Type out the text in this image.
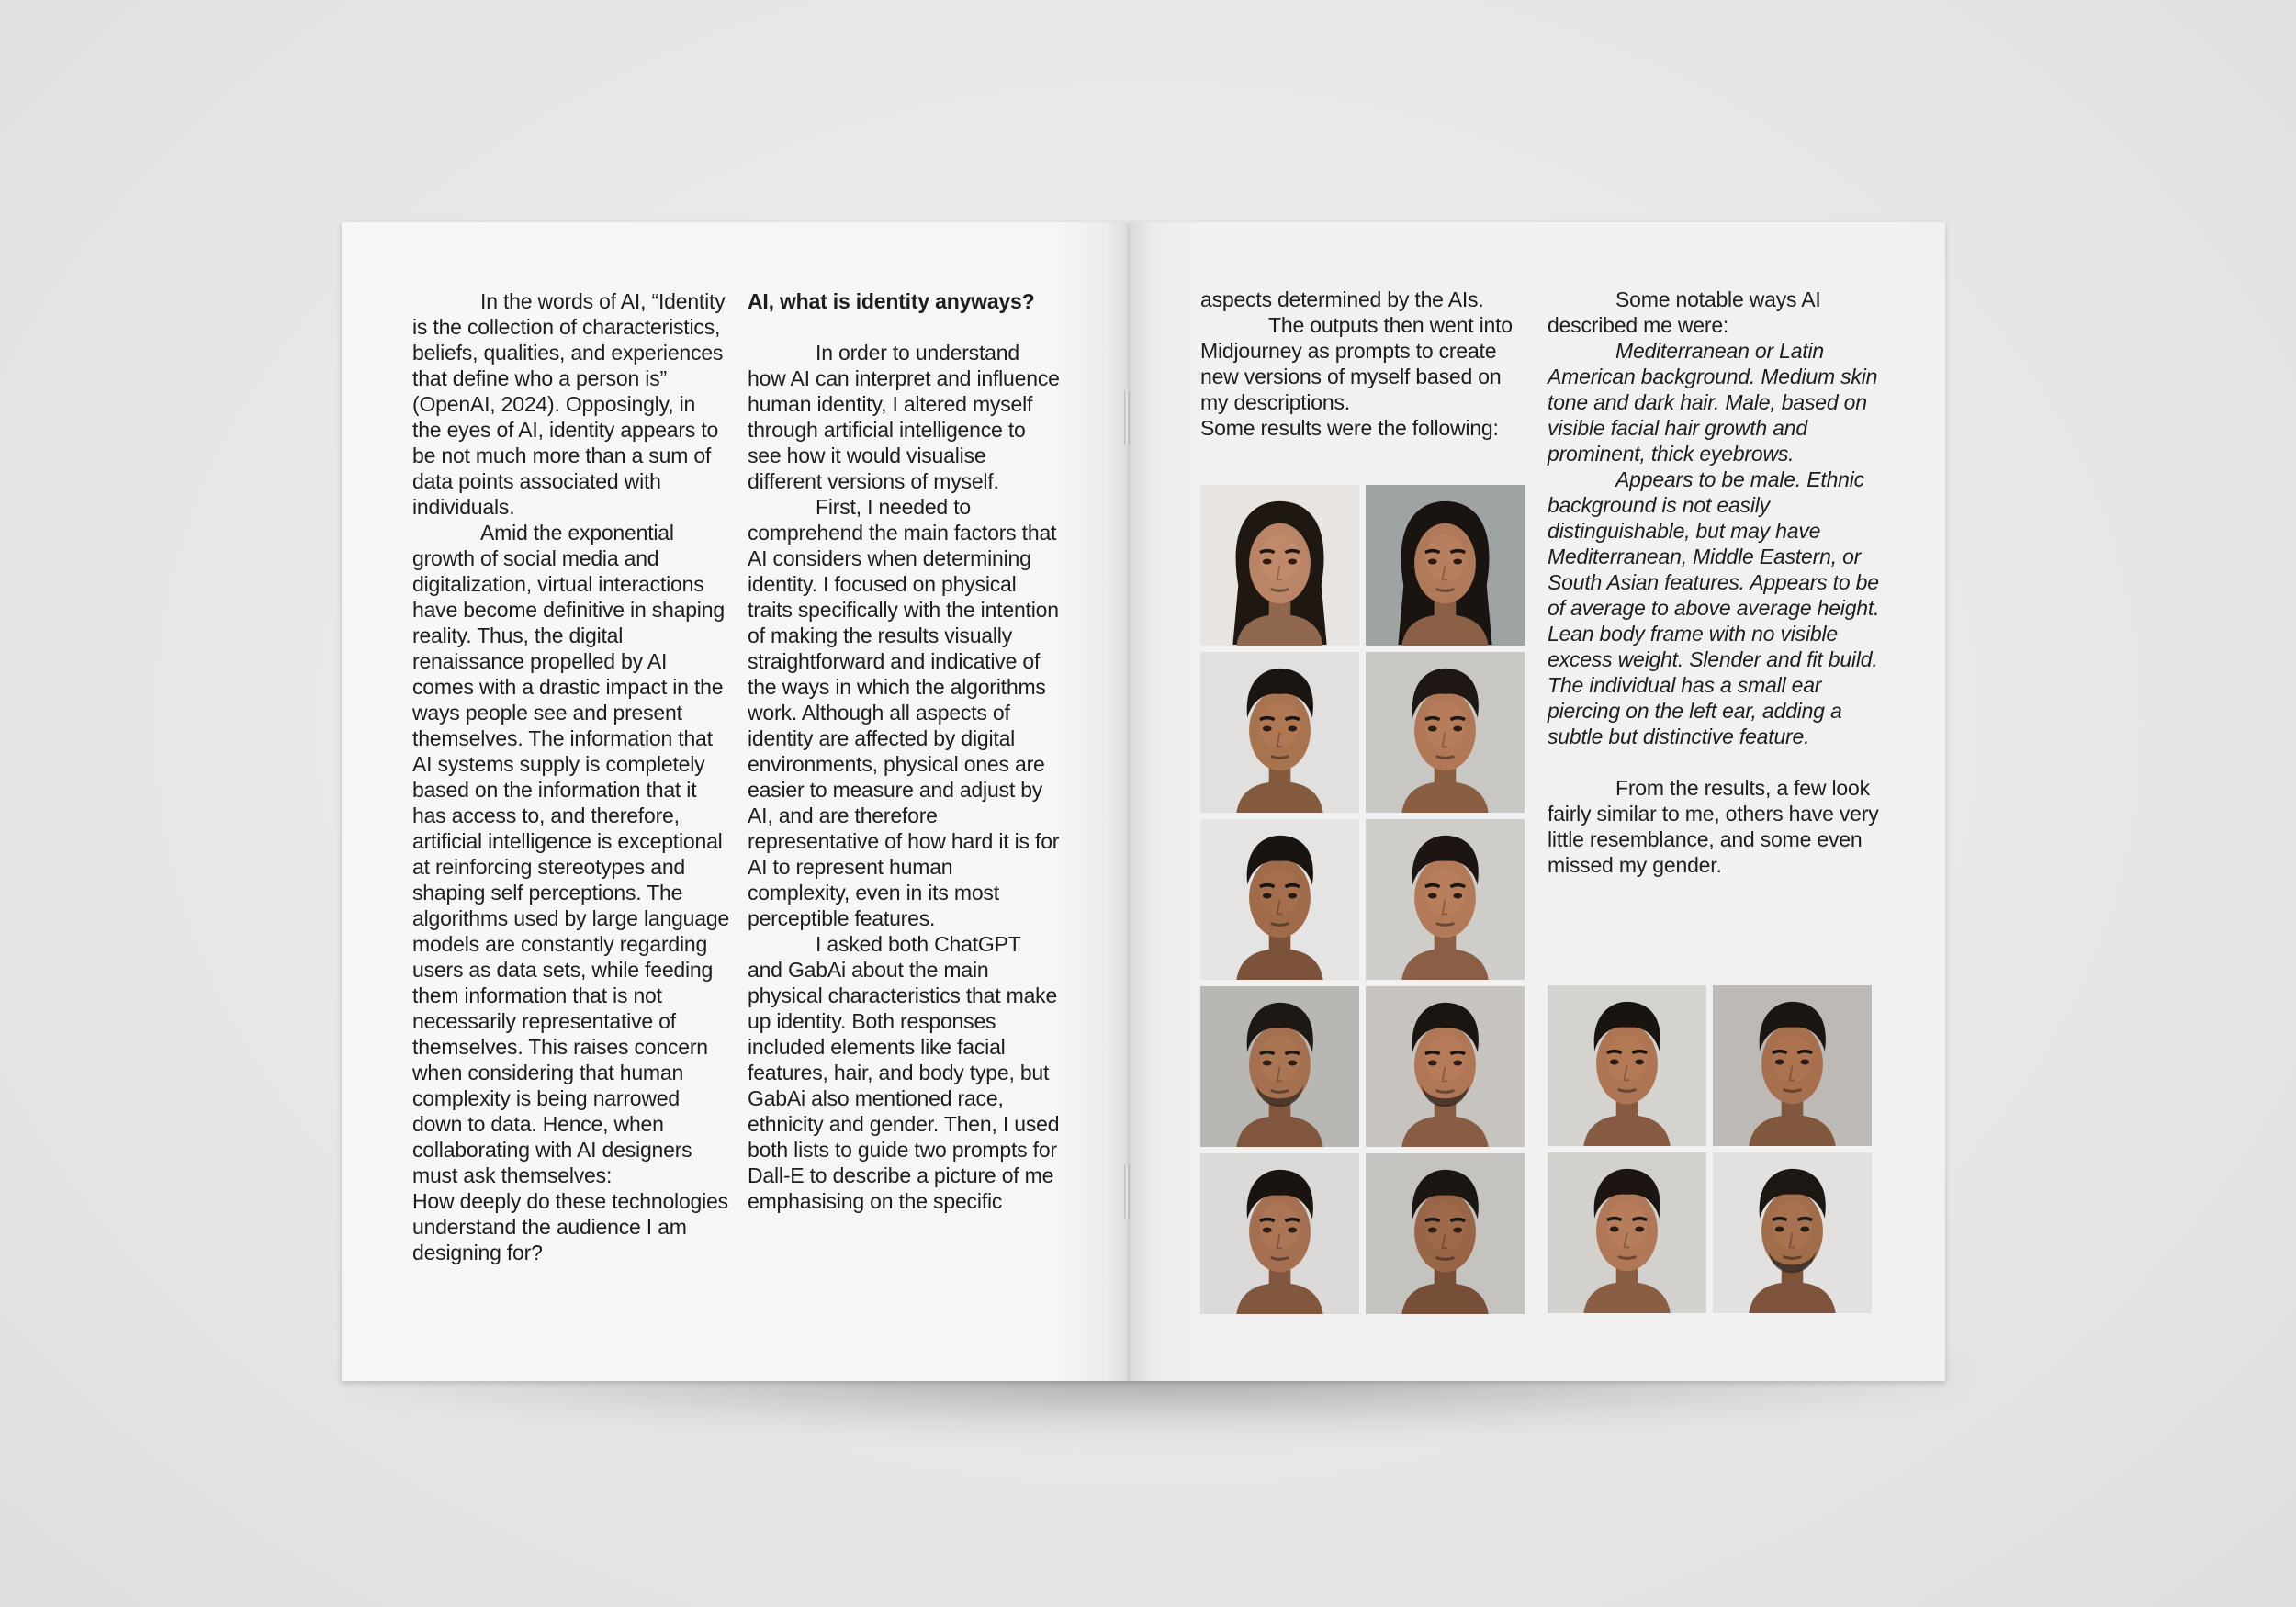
In the words of AI, “Identity is the collection of characteristics, beliefs, qualities, and experiences that define who a person is” (OpenAI, 2024). Opposingly, in the eyes of AI, identity appears to be not much more than a sum of data points associated with individuals.

Amid the exponential growth of social media and digitalization, virtual interactions have become definitive in shaping reality. Thus, the digital renaissance propelled by AI comes with a drastic impact in the ways people see and present themselves. The information that AI systems supply is completely based on the information that it has access to, and therefore, artificial intelligence is exceptional at reinforcing stereotypes and shaping self perceptions. The algorithms used by large language models are constantly regarding users as data sets, while feeding them information that is not necessarily representative of themselves. This raises concern when considering that human complexity is being narrowed down to data. Hence, when collaborating with AI designers must ask themselves:

How deeply do these technologies understand the audience I am designing for?

AI, what is identity anyways?

In order to understand how AI can interpret and influence human identity, I altered myself through artificial intelligence to see how it would visualise different versions of myself.

First, I needed to comprehend the main factors that AI considers when determining identity. I focused on physical traits specifically with the intention of making the results visually straightforward and indicative of the ways in which the algorithms work. Although all aspects of identity are affected by digital environments, physical ones are easier to measure and adjust by AI, and are therefore representative of how hard it is for AI to represent human complexity, even in its most perceptible features.

I asked both ChatGPT and GabAi about the main physical characteristics that make up identity. Both responses included elements like facial features, hair, and body type, but GabAi also mentioned race, ethnicity and gender. Then, I used both lists to guide two prompts for Dall-E to describe a picture of me emphasising on the specific

aspects determined by the AIs.

The outputs then went into Midjourney as prompts to create new versions of myself based on my descriptions.

Some results were the following:

Some notable ways AI described me were:

Mediterranean or Latin American background. Medium skin tone and dark hair. Male, based on visible facial hair growth and prominent, thick eyebrows.

Appears to be male. Ethnic background is not easily distinguishable, but may have Mediterranean, Middle Eastern, or South Asian features. Appears to be of average to above average height. Lean body frame with no visible excess weight. Slender and fit build. The individual has a small ear piercing on the left ear, adding a subtle but distinctive feature.

From the results, a few look fairly similar to me, others have very little resemblance, and some even missed my gender.
